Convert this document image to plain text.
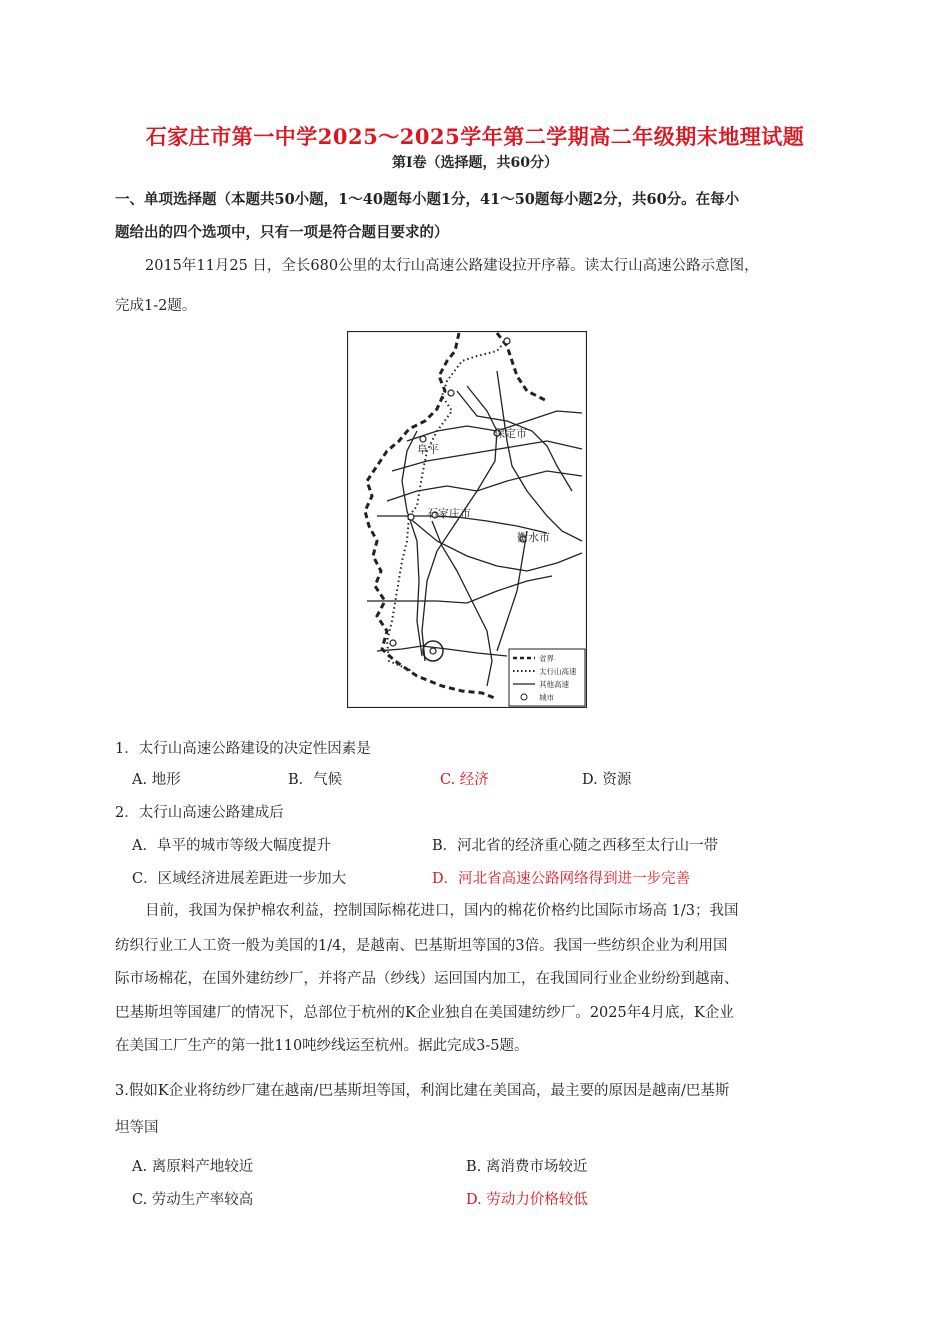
石家庄市第一中学2025～2025学年第二学期高二年级期末地理试题
第Ⅰ卷（选择题，共60分）
一、单项选择题（本题共50小题，1～40题每小题1分，41～50题每小题2分，共60分。在每小
题给出的四个选项中，只有一项是符合题目要求的）
2015年11月25 日，全长680公里的太行山高速公路建设拉开序幕。读太行山高速公路示意图，
完成1-2题。
保定市
阜平
石家庄市
衡水市
省界
太行山高速
其他高速
城市
1．太行山高速公路建设的决定性因素是
A. 地形	B．气候	C. 经济	D. 资源
2．太行山高速公路建成后
A．阜平的城市等级大幅度提升	B．河北省的经济重心随之西移至太行山一带
C．区域经济进展差距进一步加大	D．河北省高速公路网络得到进一步完善
目前，我国为保护棉农利益，控制国际棉花进口，国内的棉花价格约比国际市场高 1/3；我国
纺织行业工人工资一般为美国的1/4，是越南、巴基斯坦等国的3倍。我国一些纺织企业为利用国
际市场棉花，在国外建纺纱厂，并将产品（纱线）运回国内加工，在我国同行业企业纷纷到越南、
巴基斯坦等国建厂的情况下，总部位于杭州的K企业独自在美国建纺纱厂。2025年4月底，K企业
在美国工厂生产的第一批110吨纱线运至杭州。据此完成3-5题。
3.假如K企业将纺纱厂建在越南/巴基斯坦等国，利润比建在美国高，最主要的原因是越南/巴基斯
坦等国
A. 离原料产地较近	B. 离消费市场较近
C. 劳动生产率较高	D. 劳动力价格较低
